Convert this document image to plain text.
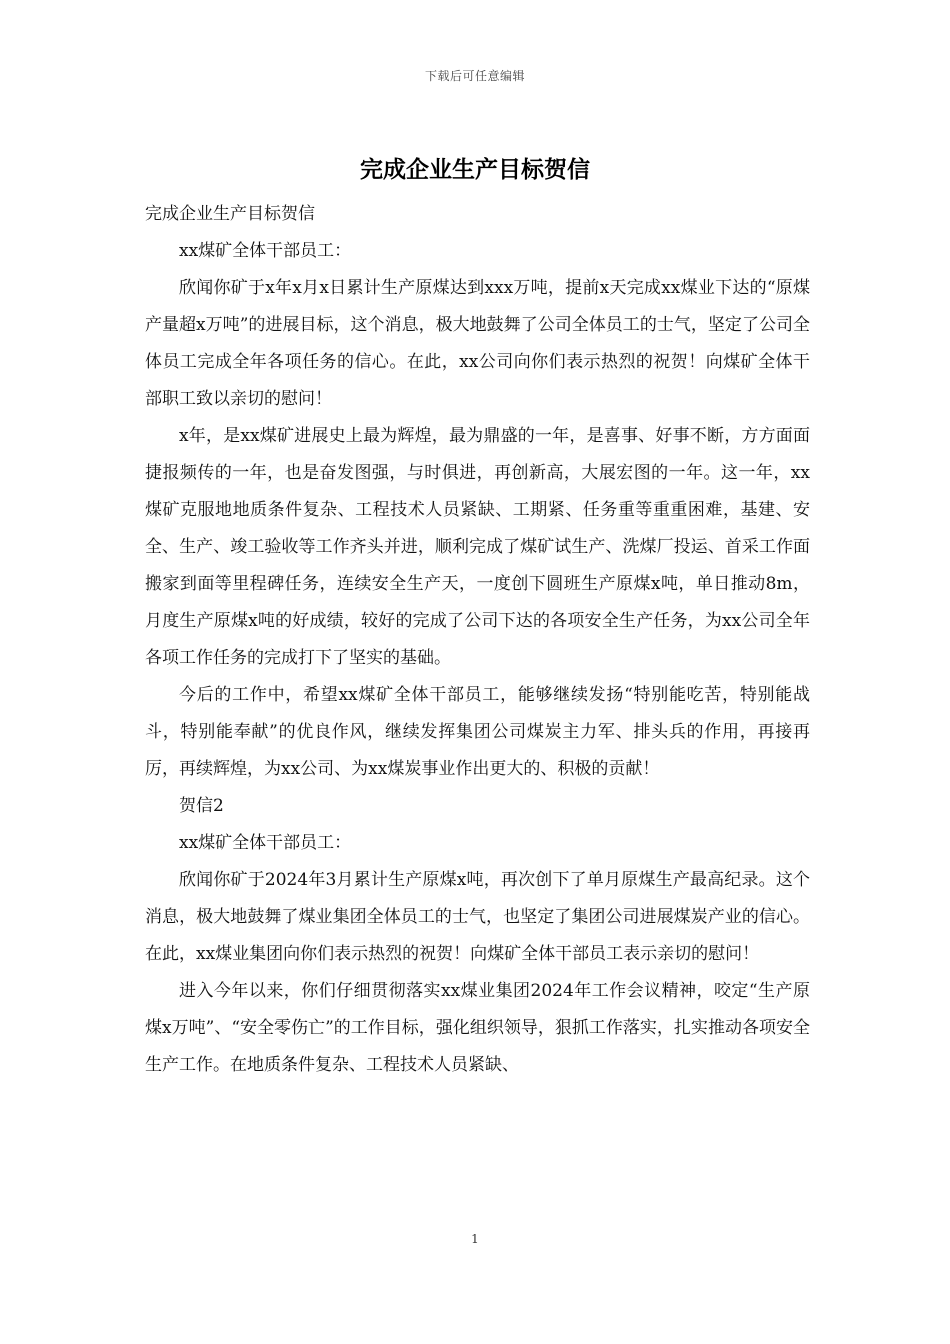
下载后可任意编辑
完成企业生产目标贺信

完成企业生产目标贺信

xx煤矿全体干部员工：

欣闻你矿于x年x月x日累计生产原煤达到xxx万吨，提前x天完成xx煤业下达的“原煤产量超x万吨”的进展目标，这个消息，极大地鼓舞了公司全体员工的士气，坚定了公司全体员工完成全年各项任务的信心。在此，xx公司向你们表示热烈的祝贺！向煤矿全体干部职工致以亲切的慰问！

x年，是xx煤矿进展史上最为辉煌，最为鼎盛的一年，是喜事、好事不断，方方面面捷报频传的一年，也是奋发图强，与时俱进，再创新高，大展宏图的一年。这一年，xx煤矿克服地地质条件复杂、工程技术人员紧缺、工期紧、任务重等重重困难，基建、安全、生产、竣工验收等工作齐头并进，顺利完成了煤矿试生产、洗煤厂投运、首采工作面搬家到面等里程碑任务，连续安全生产天，一度创下圆班生产原煤x吨，单日推动8m，月度生产原煤x吨的好成绩，较好的完成了公司下达的各项安全生产任务，为xx公司全年各项工作任务的完成打下了坚实的基础。

今后的工作中，希望xx煤矿全体干部员工，能够继续发扬“特别能吃苦，特别能战斗，特别能奉献”的优良作风，继续发挥集团公司煤炭主力军、排头兵的作用，再接再厉，再续辉煌，为xx公司、为xx煤炭事业作出更大的、积极的贡献！

贺信2

xx煤矿全体干部员工：

欣闻你矿于2024年3月累计生产原煤x吨，再次创下了单月原煤生产最高纪录。这个消息，极大地鼓舞了煤业集团全体员工的士气，也坚定了集团公司进展煤炭产业的信心。在此，xx煤业集团向你们表示热烈的祝贺！向煤矿全体干部员工表示亲切的慰问！

进入今年以来，你们仔细贯彻落实xx煤业集团2024年工作会议精神，咬定“生产原煤x万吨”、“安全零伤亡”的工作目标，强化组织领导，狠抓工作落实，扎实推动各项安全生产工作。在地质条件复杂、工程技术人员紧缺、

1
